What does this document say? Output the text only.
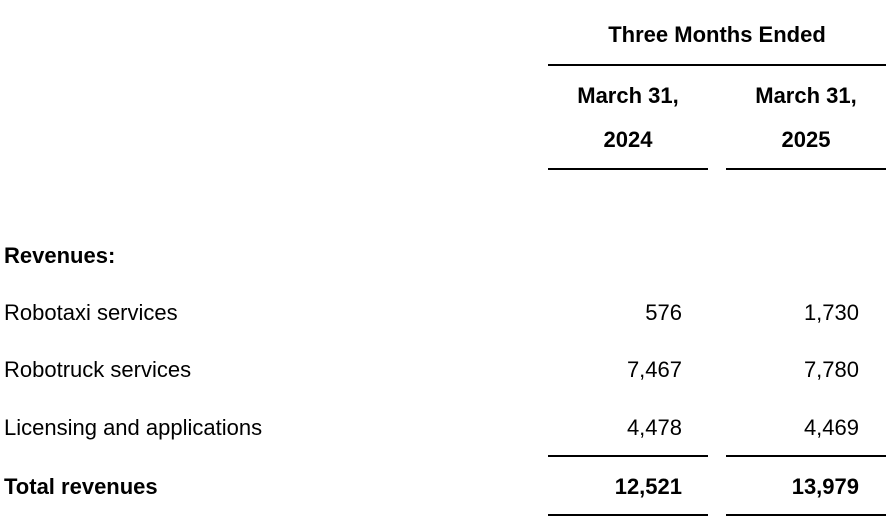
Three Months Ended
March 31,
2024
March 31,
2025
Revenues:
Robotaxi services	576	1,730
Robotruck services	7,467	7,780
Licensing and applications	4,478	4,469
Total revenues	12,521	13,979
